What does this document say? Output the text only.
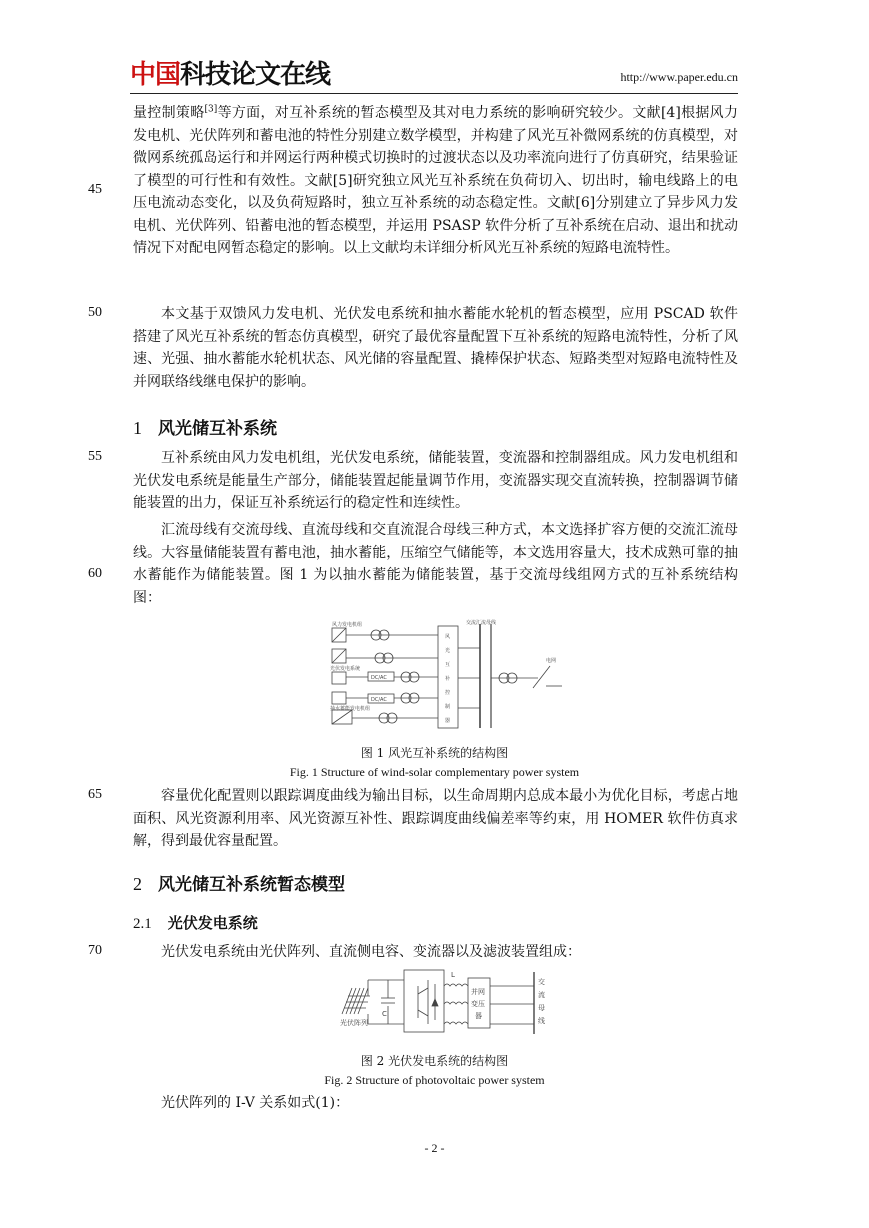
中国科技论文在线	http://www.paper.edu.cn

量控制策略[3]等方面，对互补系统的暂态模型及其对电力系统的影响研究较少。文献[4]根据风力发电机、光伏阵列和蓄电池的特性分别建立数学模型，并构建了风光互补微网系统的仿真模型，对微网系统孤岛运行和并网运行两种模式切换时的过渡状态以及功率流向进行了仿真研究，结果验证了模型的可行性和有效性。文献[5]研究独立风光互补系统在负荷切入、切出时，输电线路上的电压电流动态变化，以及负荷短路时，独立互补系统的动态稳定性。文献[6]分别建立了异步风力发电机、光伏阵列、铅蓄电池的暂态模型，并运用 PSASP 软件分析了互补系统在启动、退出和扰动情况下对配电网暂态稳定的影响。以上文献均未详细分析风光互补系统的短路电流特性。

本文基于双馈风力发电机、光伏发电系统和抽水蓄能水轮机的暂态模型，应用 PSCAD 软件搭建了风光互补系统的暂态仿真模型，研究了最优容量配置下互补系统的短路电流特性，分析了风速、光强、抽水蓄能水轮机状态、风光储的容量配置、撬棒保护状态、短路类型对短路电流特性及并网联络线继电保护的影响。

1 风光储互补系统

互补系统由风力发电机组，光伏发电系统，储能装置，变流器和控制器组成。风力发电机组和光伏发电系统是能量生产部分，储能装置起能量调节作用，变流器实现交直流转换，控制器调节储能装置的出力，保证互补系统运行的稳定性和连续性。

汇流母线有交流母线、直流母线和交直流混合母线三种方式，本文选择扩容方便的交流汇流母线。大容量储能装置有蓄电池，抽水蓄能，压缩空气储能等，本文选用容量大，技术成熟可靠的抽水蓄能作为储能装置。图 1 为以抽水蓄能为储能装置，基于交流母线组网方式的互补系统结构图：

风力发电机组
光伏发电系统
抽水蓄能发电机组
交流汇流母线
电网
DC/AC
DC/AC
风
光
互
补
控
制
器
图 1 风光互补系统的结构图
Fig. 1 Structure of wind-solar complementary power system

容量优化配置则以跟踪调度曲线为输出目标，以生命周期内总成本最小为优化目标，考虑占地面积、风光资源利用率、风光资源互补性、跟踪调度曲线偏差率等约束，用 HOMER 软件仿真求解，得到最优容量配置。

2 风光储互补系统暂态模型
2.1 光伏发电系统

光伏发电系统由光伏阵列、直流侧电容、变流器以及滤波装置组成：

L
C
光伏阵列
并网
变压
器
交
流
母
线
图 2 光伏发电系统的结构图
Fig. 2 Structure of photovoltaic power system

光伏阵列的 I-V 关系如式(1)：

45
50
55
60
65
70
- 2 -
